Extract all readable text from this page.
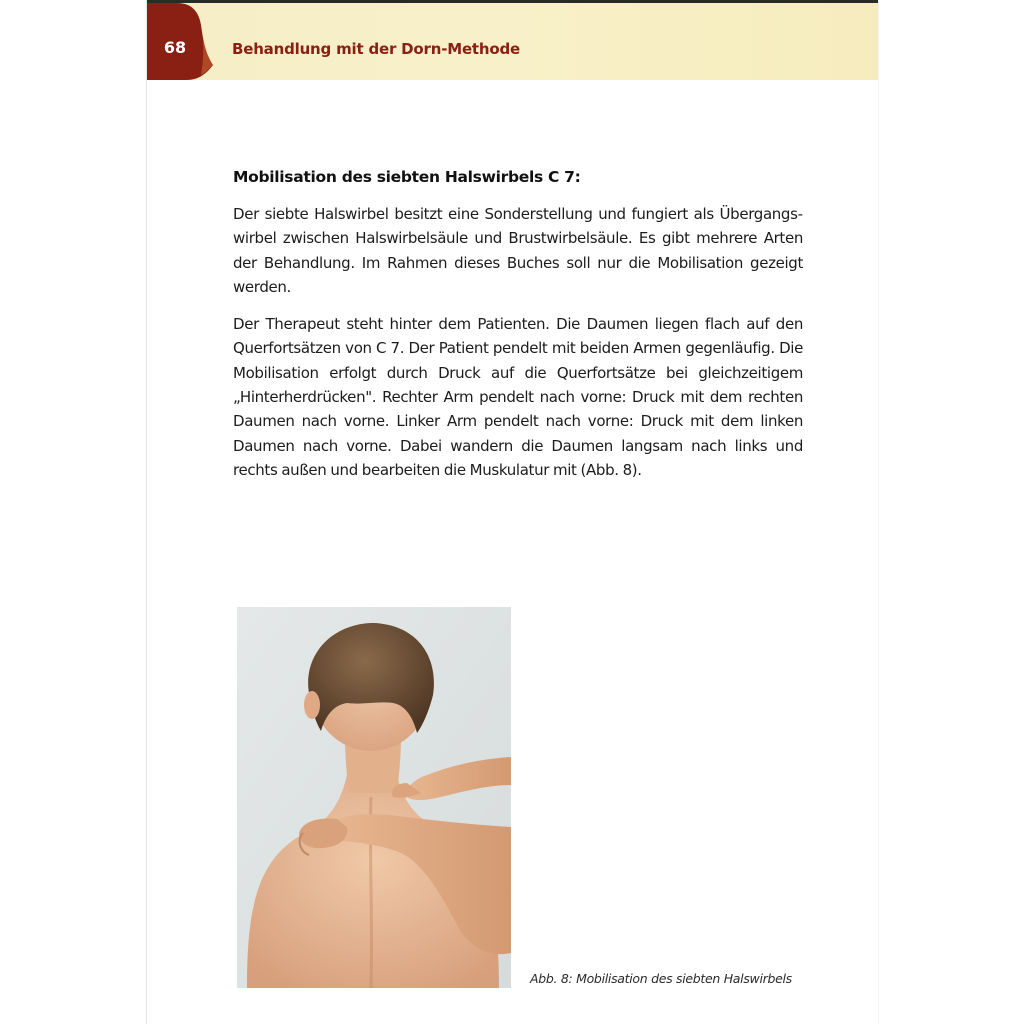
68	Behandlung mit der Dorn-Methode
Mobilisation des siebten Halswirbels C 7:

Der siebte Halswirbel besitzt eine Sonderstellung und fungiert als Übergangswirbel zwischen Halswirbelsäule und Brustwirbelsäule. Es gibt mehrere Arten der Behandlung. Im Rahmen dieses Buches soll nur die Mobilisation gezeigt werden.

Der Therapeut steht hinter dem Patienten. Die Daumen liegen flach auf den Querfortsätzen von C 7. Der Patient pendelt mit beiden Armen gegenläufig. Die Mobilisation erfolgt durch Druck auf die Querfortsätze bei gleichzeitigem „Hinterherdrücken". Rechter Arm pendelt nach vorne: Druck mit dem rechten Daumen nach vorne. Linker Arm pendelt nach vorne: Druck mit dem linken Daumen nach vorne. Dabei wandern die Daumen langsam nach links und rechts außen und bearbeiten die Muskulatur mit (Abb. 8).

Abb. 8: Mobilisation des siebten Halswirbels
